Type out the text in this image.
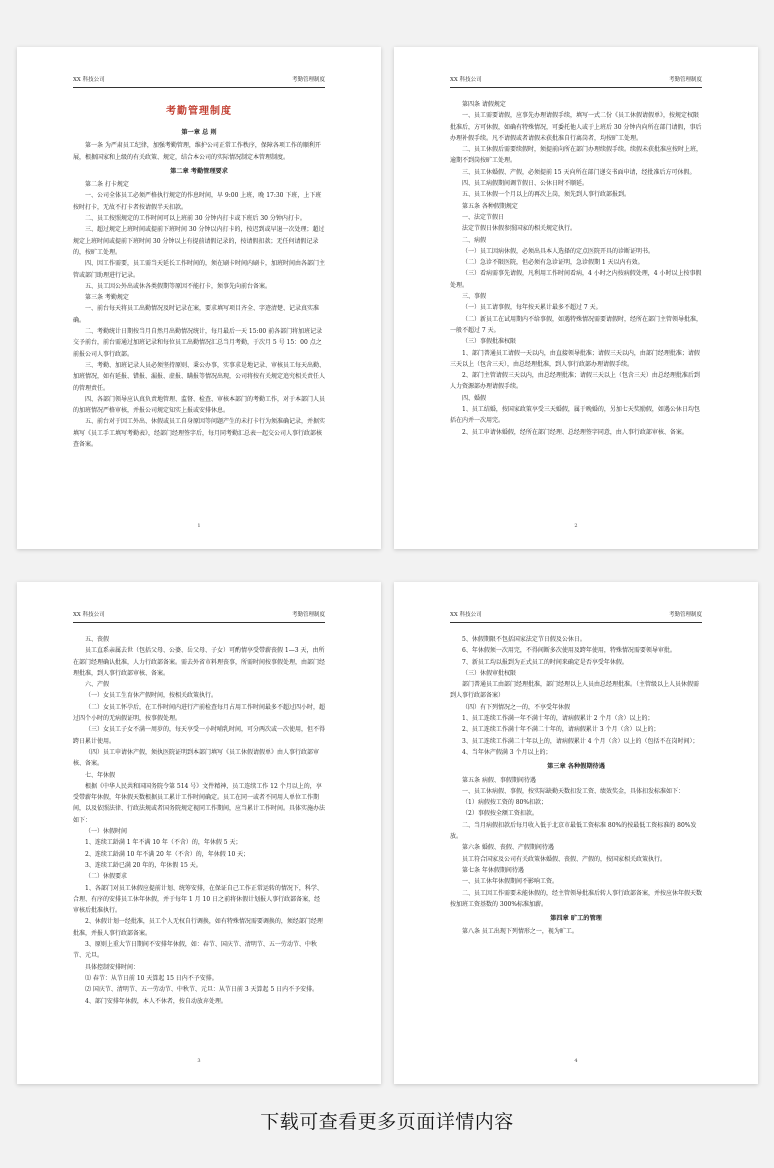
XX 科技公司	考勤管理制度
考勤管理制度
第一章 总 则

第一条 为严肃员工纪律，加强考勤管理，维护公司正常工作秩序，保障各项工作的顺利开展，根据国家和上级的有关政策、规定，结合本公司的实际情况制定本管理制度。

第二章 考勤管理要求

第二条 打卡规定

一、公司全体员工必须严格执行规定的作息时间，早 9:00 上班，晚 17:30 下班，上下班按时打卡，无故不打卡者按请假半天扣款。

二、员工按照规定的工作时间可以上班前 30 分钟内打卡或下班后 30 分钟内打卡。

三、超过规定上班时间或提前下班时间 30 分钟以内打卡的，按迟到或早退一次处理；超过规定上班时间或提前下班时间 30 分钟以上有提前请假记录的，按请假扣款；无任何请假记录的，按旷工处理。

四、因工作需要，员工需当天延长工作时间的，须在刷卡时间内刷卡，加班时间由各部门主管或部门助理进行记录。

五、员工因公外出或休各类假期等原因不能打卡，须事先向前台备案。

第三条 考勤规定

一、前台每天将员工出勤情况及时记录在案，要求填写项目齐全、字迹清楚、记录真实准确。

二、考勤统计日期按当月自然月出勤情况统计，每月最后一天 15:00 前各部门将加班记录交予前台，前台需通过加班记录和每位员工出勤情况汇总当月考勤，于次月 5 号 15：00 点之前报公司人事行政部。

三、考勤、加班记录人员必须坚持原则、秉公办事，实事求是地记录、审核员工每天出勤、加班情况，如有延报、错报、漏报、虚报、瞒报等情况出现，公司将按有关规定追究相关责任人的管理责任。

四、各部门领导应认真负责地管理、监督、检查、审核本部门的考勤工作，对于本部门人员的加班情况严格审核，并报公司规定知实上报或安排休息。

五、前台对于因工外出、休假或员工自身原因等问题产生的未打卡行为须准确记录，并据实填写《员工手工填写考勤表》，经部门经理签字后，每月同考勤汇总表一起交公司人事行政部核查备案。

1
XX 科技公司	考勤管理制度

第四条 请假规定

一、员工需要请假，应事先办理请假手续，填写一式二份《员工休假请假单》，按规定权限批准后，方可休假，如确有特殊情况，可委托他人或于上班后 30 分钟内向所在部门请假，事后办理补假手续。凡不请假或者请假未获批准自行离岗者，均按旷工处理。

二、员工休假后需要续假时，须提前向所在部门办理续假手续。续假未获批准应按时上班，逾期不到岗按旷工处理。

三、员工休婚假、产假，必须提前 15 天向所在部门递交书面申请，经批准后方可休假。

四、员工病假期间调节假日、公休日时不顺延。

五、员工休假一个月以上的再次上岗，须先到人事行政部报到。

第五条 各种假期规定

一、法定节假日

法定节假日休假参照国家的相关规定执行。

二、病假

（一）员工因病休假，必须出具本人选择的定点医院开具的诊断证明书。

（二）急诊不限医院，但必须有急诊证明，急诊假期 1 天以内有效。

（三）看病需事先请假，凡利用工作时间看病，4 小时之内按病假处理，4 小时以上按事假处理。

三、事假

（一）员工请事假，每年按天累计最多不超过 7 天。

（二）新员工在试用期内不给事假，如遇特殊情况需要请假时，经所在部门主管领导批准，一般不超过 7 天。

（三）事假批准权限

1、部门普通员工请假一天以内，由直接领导批准；请假三天以内，由部门经理批准；请假三天以上（包含三天），由总经理批准，到人事行政部办理请假手续。

2、部门主管请假三天以内，由总经理批准；请假三天以上（包含三天）由总经理批准后到人力资源部办理请假手续。

四、婚假

1、员工结婚，按国家政策享受三天婚假，属于晚婚的，另加七天奖励假，如遇公休日均包括在内并一次用完。

2、员工申请休婚假，经所在部门经理、总经理签字同意，由人事行政部审核、备案。

2
XX 科技公司	考勤管理制度

五、丧假

员工直系亲属去世（包括父母、公婆、岳父母、子女）可酌情享受带薪丧假 1—3 天，由所在部门经理确认批准，人力行政部备案。需去外省市料理丧事，所需时间按事假处理，由部门经理批准，到人事行政部审核、备案。

六、产假

（一）女员工生育休产假时间，按相关政策执行。

（二）女员工怀孕后，在工作时间内进行产前检查每月占用工作时间最多不超过四小时，超过四个小时的无病假证明，按事假处理。

（三）女员工子女不满一周岁的，每天享受一小时哺乳时间，可分两次或一次使用，但不得跨日累计使用。

（四）员工申请休产假，须执医院证明到本部门填写《员工休假请假单》由人事行政部审核、备案。

七、年休假

根据《中华人民共和国国务院令第 514 号》文件精神，员工连续工作 12 个月以上的，享受带薪年休假，年休假天数根据员工累计工作时间确定。员工在同一或者不同用人单位工作期间，以及依照法律、行政法规或者国务院规定视同工作期间，应当累计工作时间。具体实施办法如下：

（一）休假时间

1、连续工龄满 1 年不满 10 年（不含）的，年休假 5 天；

2、连续工龄满 10 年不满 20 年（不含）的，年休假 10 天；

3、连续工龄已满 20 年的，年休假 15 天。

（二）休假要求

1、各部门对员工休假应提前计划、统筹安排，在保证自己工作正常运转的情况下，科学、合理、有序的安排员工休年休假，并于每年 1 月 10 日之前将休假计划报人事行政部备案，经审核后批准执行。

2、休假计划一经批准，员工个人无权自行调换，如有特殊情况需要调换的，须经部门经理批准，并报人事行政部备案。

3、原则上重大节日期间不安排年休假，如：春节、国庆节、清明节、五一劳动节、中秋节、元旦。

具体控制安排时间：

⑴ 春节：从节日前 10 天算起 15 日内不予安排。

⑵ 国庆节、清明节、五一劳动节、中秋节、元旦：从节日前 3 天算起 5 日内不予安排。

4、部门安排年休假，本人不休者，按自动放弃处理。

3
XX 科技公司	考勤管理制度

5、休假期限不包括国家法定节日假及公休日。

6、年休假须一次用完，不得间断多次使用及跨年使用，特殊情况需要领导审批。

7、新员工均以报到为正式员工的时间来确定是否享受年休假。

（三）休假审批权限

部门普通员工由部门经理批准，部门经理以上人员由总经理批准。（主管级以上人员休假需到人事行政部备案）

（四）有下列情况之一的，不享受年休假

1、员工连续工作满一年不满十年的，请病假累计 2 个月（含）以上的；

2、员工连续工作满十年不满二十年的，请病假累计 3 个月（含）以上的；

3、员工连续工作满二十年以上的，请病假累计 4 个月（含）以上的（包括不在岗时间）；

4、当年休产假满 3 个月以上的；

第三章 各种假期待遇

第五条 病假、事假期间待遇

一、员工休病假、事假，按实际缺勤天数扣发工资、绩效奖金，具体扣发标准如下：

（1）病假按工资的 80%扣款；

（2）事假按全额工资扣款。

二、当月病假扣款后每月收入低于北京市最低工资标准 80%的按最低工资标准的 80%发放。

第六条 婚假、丧假、产假期间待遇

员工符合国家及公司有关政策休婚假、丧假、产假的，按国家相关政策执行。

第七条 年休假期间待遇

一、员工休年休假期间不影响工资。

二、员工因工作需要未能休假的，经主管领导批准后转人事行政部备案，并按应休年假天数按加班工资基数的 300%标准加薪。

第四章 旷工的管理

第八条 员工出现下列情形之一，视为旷工。

4
下载可查看更多页面详情内容
